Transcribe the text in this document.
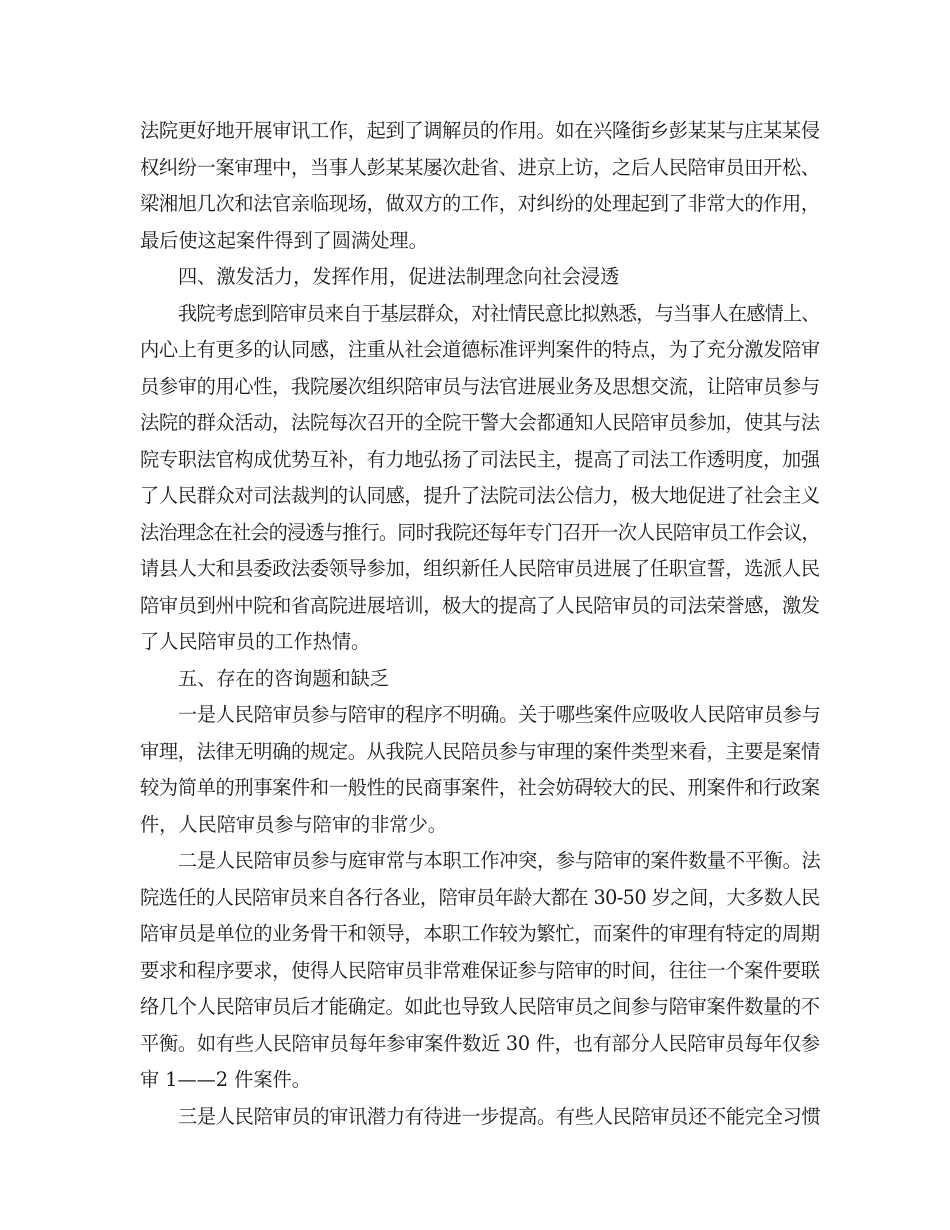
法院更好地开展审讯工作，起到了调解员的作用。如在兴隆街乡彭某某与庄某某侵
权纠纷一案审理中，当事人彭某某屡次赴省、进京上访，之后人民陪审员田开松、
梁湘旭几次和法官亲临现场，做双方的工作，对纠纷的处理起到了非常大的作用，
最后使这起案件得到了圆满处理。
四、激发活力，发挥作用，促进法制理念向社会浸透
我院考虑到陪审员来自于基层群众，对社情民意比拟熟悉，与当事人在感情上、
内心上有更多的认同感，注重从社会道德标准评判案件的特点，为了充分激发陪审
员参审的用心性，我院屡次组织陪审员与法官进展业务及思想交流，让陪审员参与
法院的群众活动，法院每次召开的全院干警大会都通知人民陪审员参加，使其与法
院专职法官构成优势互补，有力地弘扬了司法民主，提高了司法工作透明度，加强
了人民群众对司法裁判的认同感，提升了法院司法公信力，极大地促进了社会主义
法治理念在社会的浸透与推行。同时我院还每年专门召开一次人民陪审员工作会议，
请县人大和县委政法委领导参加，组织新任人民陪审员进展了任职宣誓，选派人民
陪审员到州中院和省高院进展培训，极大的提高了人民陪审员的司法荣誉感，激发
了人民陪审员的工作热情。
五、存在的咨询题和缺乏
一是人民陪审员参与陪审的程序不明确。关于哪些案件应吸收人民陪审员参与
审理，法律无明确的规定。从我院人民陪员参与审理的案件类型来看，主要是案情
较为简单的刑事案件和一般性的民商事案件，社会妨碍较大的民、刑案件和行政案
件，人民陪审员参与陪审的非常少。
二是人民陪审员参与庭审常与本职工作冲突，参与陪审的案件数量不平衡。法
院选任的人民陪审员来自各行各业，陪审员年龄大都在 30-50 岁之间，大多数人民
陪审员是单位的业务骨干和领导，本职工作较为繁忙，而案件的审理有特定的周期
要求和程序要求，使得人民陪审员非常难保证参与陪审的时间，往往一个案件要联
络几个人民陪审员后才能确定。如此也导致人民陪审员之间参与陪审案件数量的不
平衡。如有些人民陪审员每年参审案件数近 30 件，也有部分人民陪审员每年仅参
审 1——2 件案件。
三是人民陪审员的审讯潜力有待进一步提高。有些人民陪审员还不能完全习惯
